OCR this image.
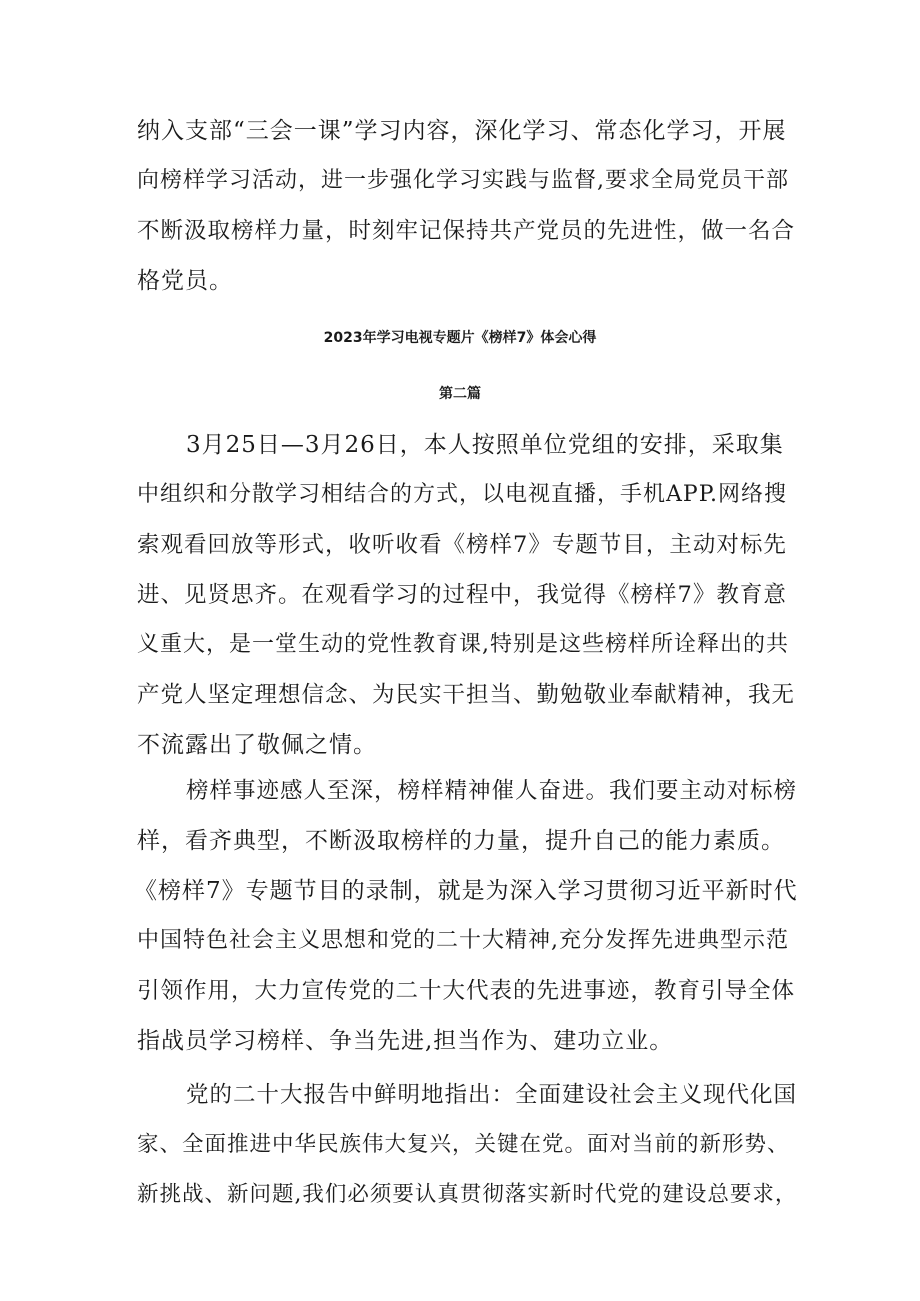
纳入支部“三会一课”学习内容，深化学习、常态化学习，开展
向榜样学习活动，进一步强化学习实践与监督,要求全局党员干部
不断汲取榜样力量，时刻牢记保持共产党员的先进性，做一名合
格党员。
2023年学习电视专题片《榜样7》体会心得
第二篇
3月25日—3月26日，本人按照单位党组的安排，采取集
中组织和分散学习相结合的方式，以电视直播，手机APP.网络搜
索观看回放等形式，收听收看《榜样7》专题节目，主动对标先
进、见贤思齐。在观看学习的过程中，我觉得《榜样7》教育意
义重大，是一堂生动的党性教育课,特别是这些榜样所诠释出的共
产党人坚定理想信念、为民实干担当、勤勉敬业奉献精神，我无
不流露出了敬佩之情。
榜样事迹感人至深，榜样精神催人奋进。我们要主动对标榜
样，看齐典型，不断汲取榜样的力量，提升自己的能力素质。
《榜样7》专题节目的录制，就是为深入学习贯彻习近平新时代
中国特色社会主义思想和党的二十大精神,充分发挥先进典型示范
引领作用，大力宣传党的二十大代表的先进事迹，教育引导全体
指战员学习榜样、争当先进,担当作为、建功立业。
党的二十大报告中鲜明地指出：全面建设社会主义现代化国
家、全面推进中华民族伟大复兴，关键在党。面对当前的新形势、
新挑战、新问题,我们必须要认真贯彻落实新时代党的建设总要求，
